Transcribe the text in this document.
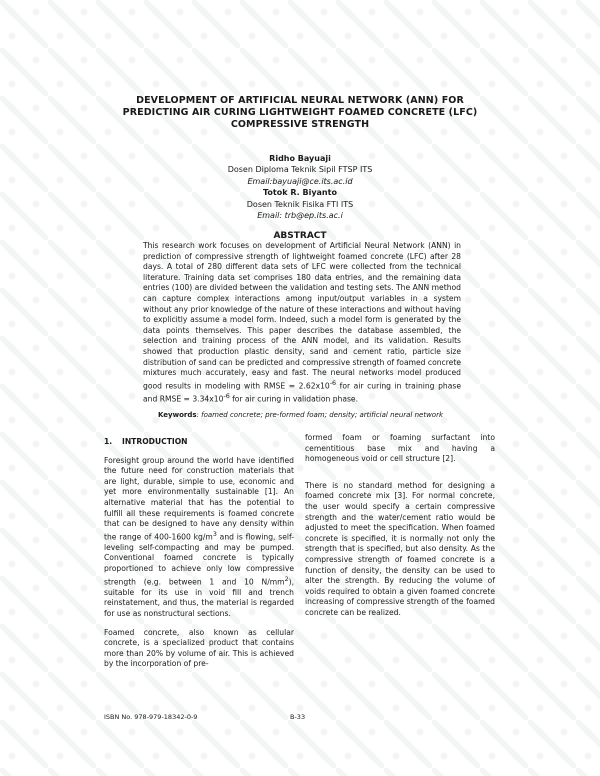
DEVELOPMENT OF ARTIFICIAL NEURAL NETWORK (ANN) FOR
PREDICTING AIR CURING LIGHTWEIGHT FOAMED CONCRETE (LFC)
COMPRESSIVE STRENGTH
Ridho Bayuaji
Dosen Diploma Teknik Sipil FTSP ITS
Email:bayuaji@ce.its.ac.id
Totok R. Biyanto
Dosen Teknik Fisika FTI ITS
Email: trb@ep.its.ac.i
ABSTRACT

This research work focuses on development of Artificial Neural Network (ANN) in prediction of compressive strength of lightweight foamed concrete (LFC) after 28 days. A total of 280 different data sets of LFC were collected from the technical literature. Training data set comprises 180 data entries, and the remaining data entries (100) are divided between the validation and testing sets. The ANN method can capture complex interactions among input/output variables in a system without any prior knowledge of the nature of these interactions and without having to explicitly assume a model form. Indeed, such a model form is generated by the data points themselves. This paper describes the database assembled, the selection and training process of the ANN model, and its validation. Results showed that production plastic density, sand and cement ratio, particle size distribution of sand can be predicted and compressive strength of foamed concrete mixtures much accurately, easy and fast. The neural networks model produced good results in modeling with RMSE = $2.62x10^{-6}$ for air curing in training phase and RMSE = $3.34x10^{-6}$ for air curing in validation phase.

Keywords: foamed concrete; pre-formed foam; density; artificial neural network
1. INTRODUCTION

Foresight group around the world have identified the future need for construction materials that are light, durable, simple to use, economic and yet more environmentally sustainable [1]. An alternative material that has the potential to fulfill all these requirements is foamed concrete that can be designed to have any density within the range of 400-1600 $kg/m^3$ and is flowing, self-leveling self-compacting and may be pumped. Conventional foamed concrete is typically proportioned to achieve only low compressive strength (e.g. between 1 and 10 $N/mm^2$), suitable for its use in void fill and trench reinstatement, and thus, the material is regarded for use as nonstructural sections.

Foamed concrete, also known as cellular concrete, is a specialized product that contains more than 20% by volume of air. This is achieved by the incorporation of pre-

formed foam or foaming surfactant into cementitious base mix and having a homogeneous void or cell structure [2].

There is no standard method for designing a foamed concrete mix [3]. For normal concrete, the user would specify a certain compressive strength and the water/cement ratio would be adjusted to meet the specification. When foamed concrete is specified, it is normally not only the strength that is specified, but also density. As the compressive strength of foamed concrete is a function of density, the density can be used to alter the strength. By reducing the volume of voids required to obtain a given foamed concrete increasing of compressive strength of the foamed concrete can be realized.

ISBN No. 978-979-18342-0-9	B-33
